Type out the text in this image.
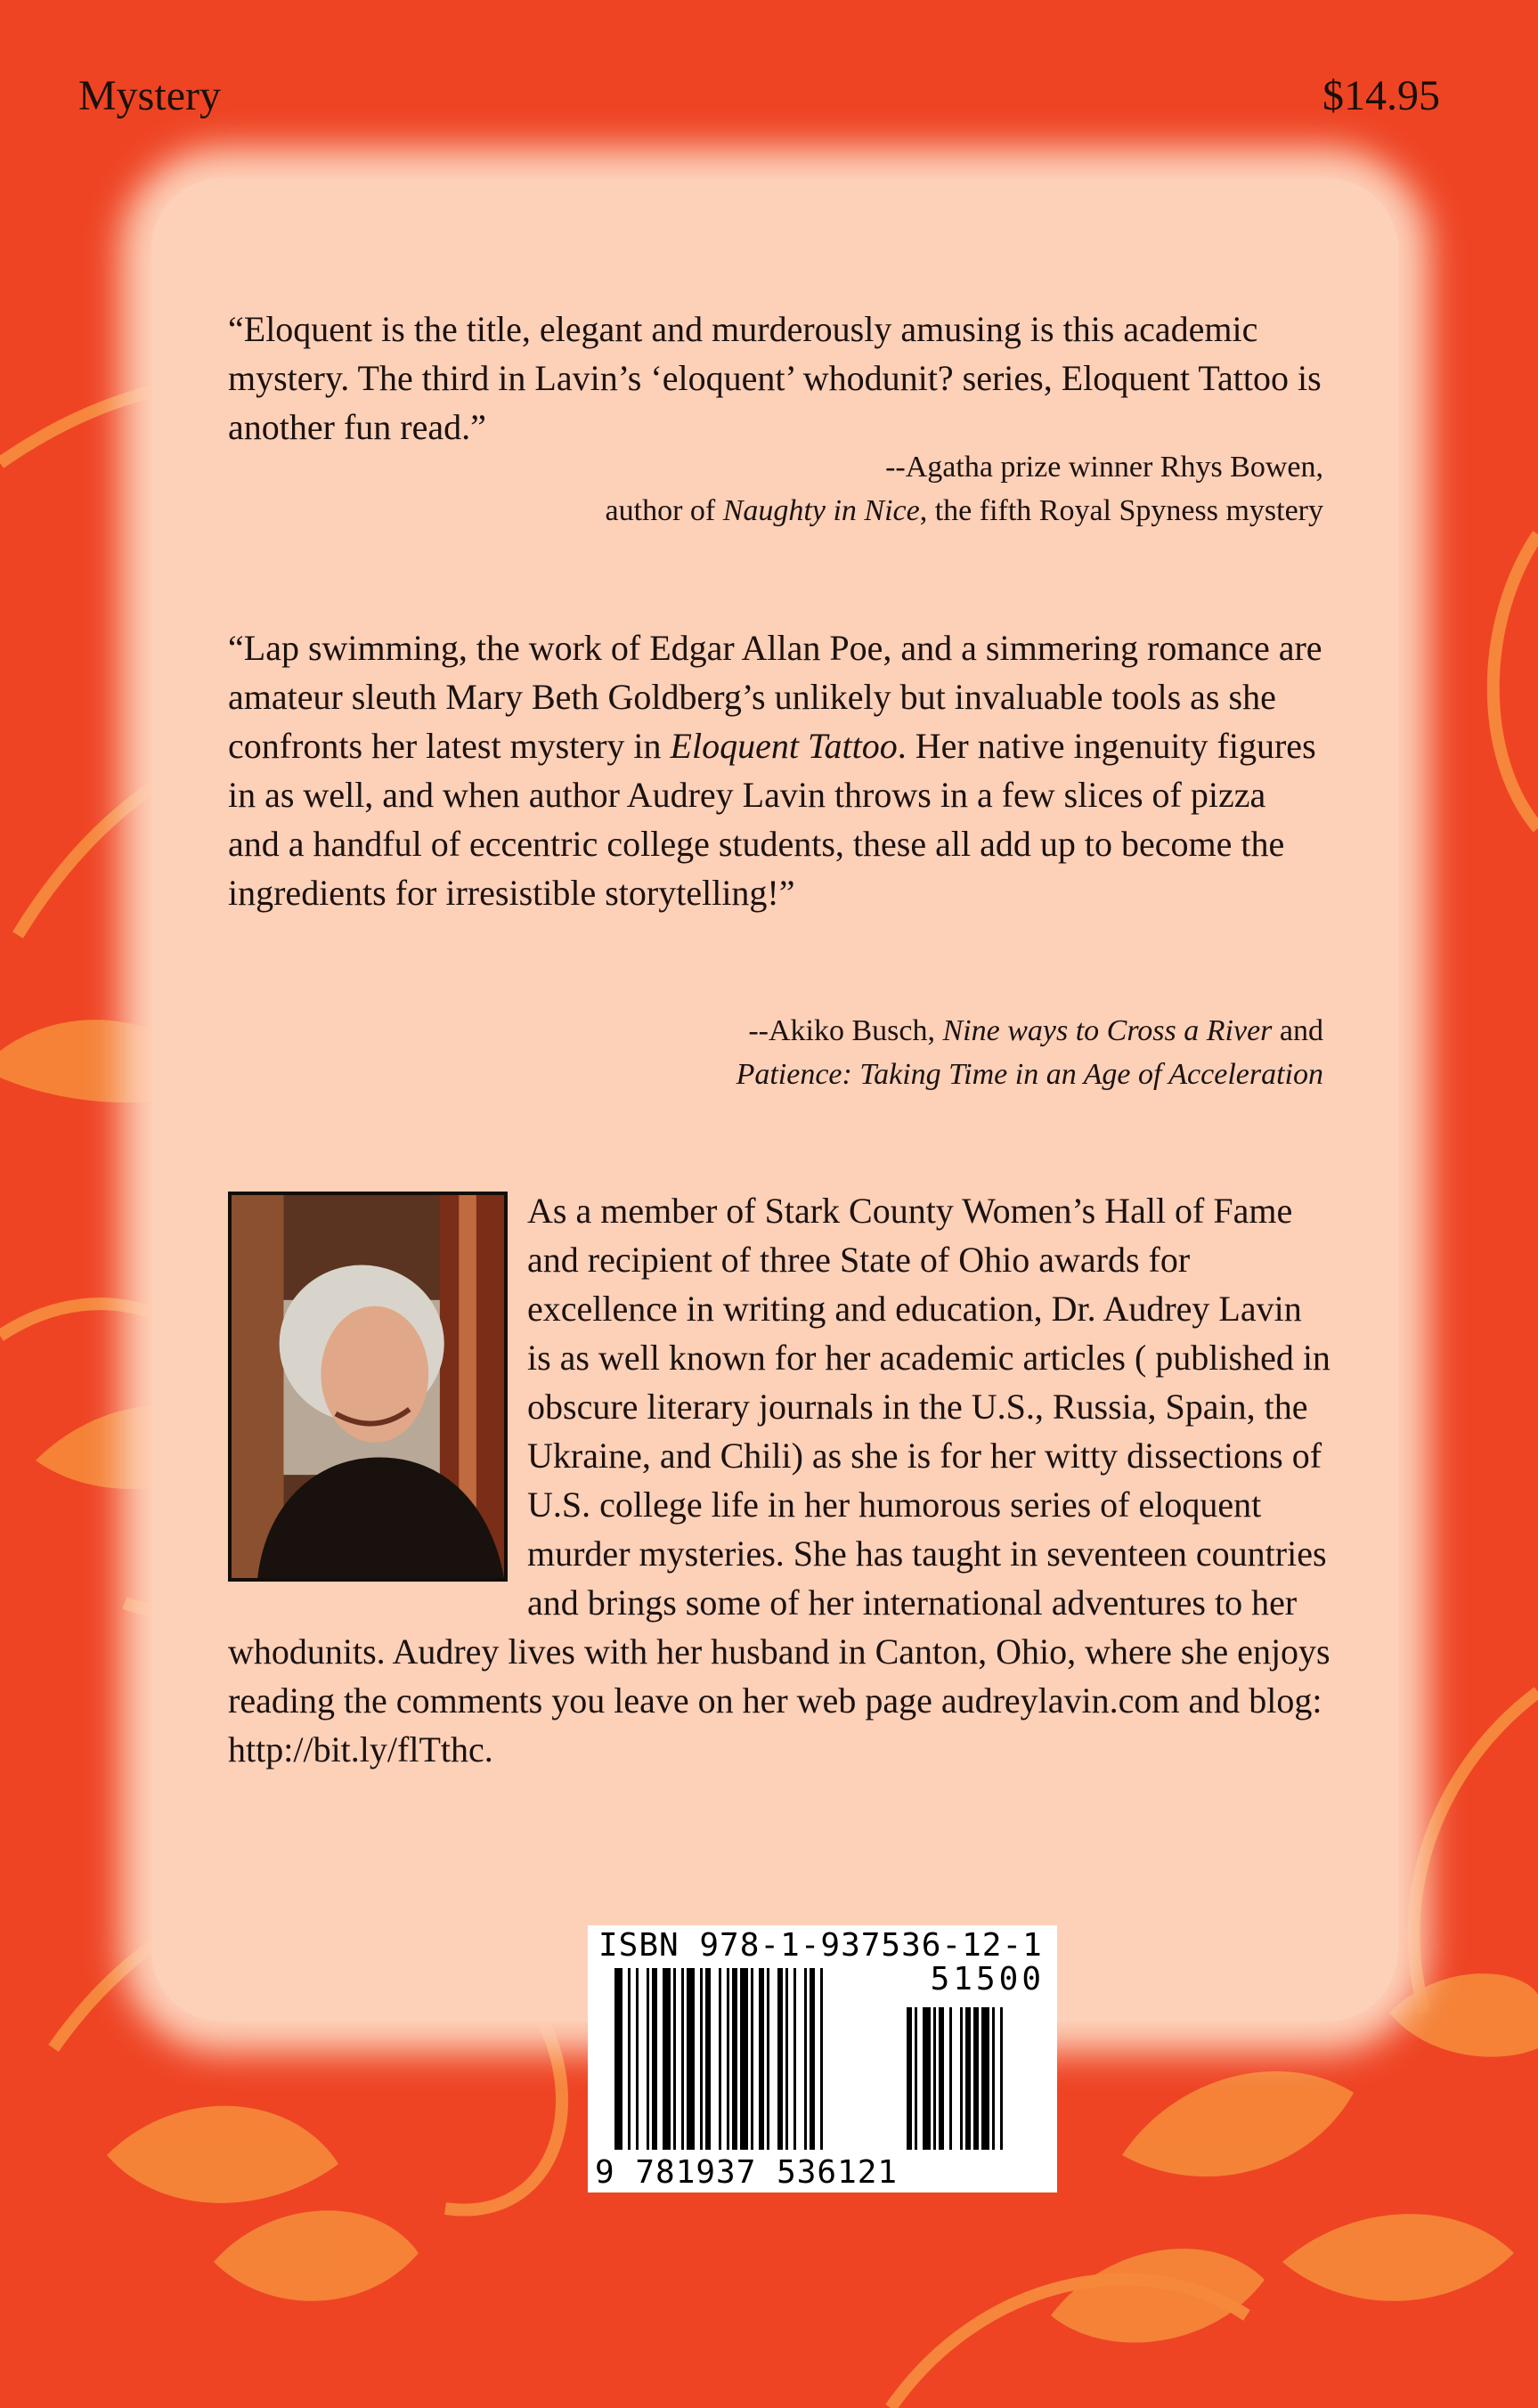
Mystery	$14.95

“Eloquent is the title, elegant and murderously amusing is this academic mystery. The third in Lavin’s ‘eloquent’ whodunit? series, Eloquent Tattoo is another fun read.”

--Agatha prize winner Rhys Bowen,
author of Naughty in Nice, the fifth Royal Spyness mystery

“Lap swimming, the work of Edgar Allan Poe, and a simmering romance are amateur sleuth Mary Beth Goldberg’s unlikely but invaluable tools as she confronts her latest mystery in Eloquent Tattoo. Her native ingenuity figures in as well, and when author Audrey Lavin throws in a few slices of pizza and a handful of eccentric college students, these all add up to become the ingredients for irresistible storytelling!”

--Akiko Busch, Nine ways to Cross a River and
Patience: Taking Time in an Age of Acceleration
As a member of Stark County Women’s Hall of Fame and recipient of three State of Ohio awards for excellence in writing and education, Dr. Audrey Lavin is as well known for her academic articles ( published in obscure literary journals in the U.S., Russia, Spain, the Ukraine, and Chili) as she is for her witty dissections of U.S. college life in her humorous series of eloquent murder mysteries. She has taught in seventeen countries and brings some of her international adventures to her whodunits. Audrey lives with her husband in Canton, Ohio, where she enjoys reading the comments you leave on her web page audreylavin.com and blog: http://bit.ly/flTthc.
ISBN 978-1-937536-12-1
51500
9 781937 536121
